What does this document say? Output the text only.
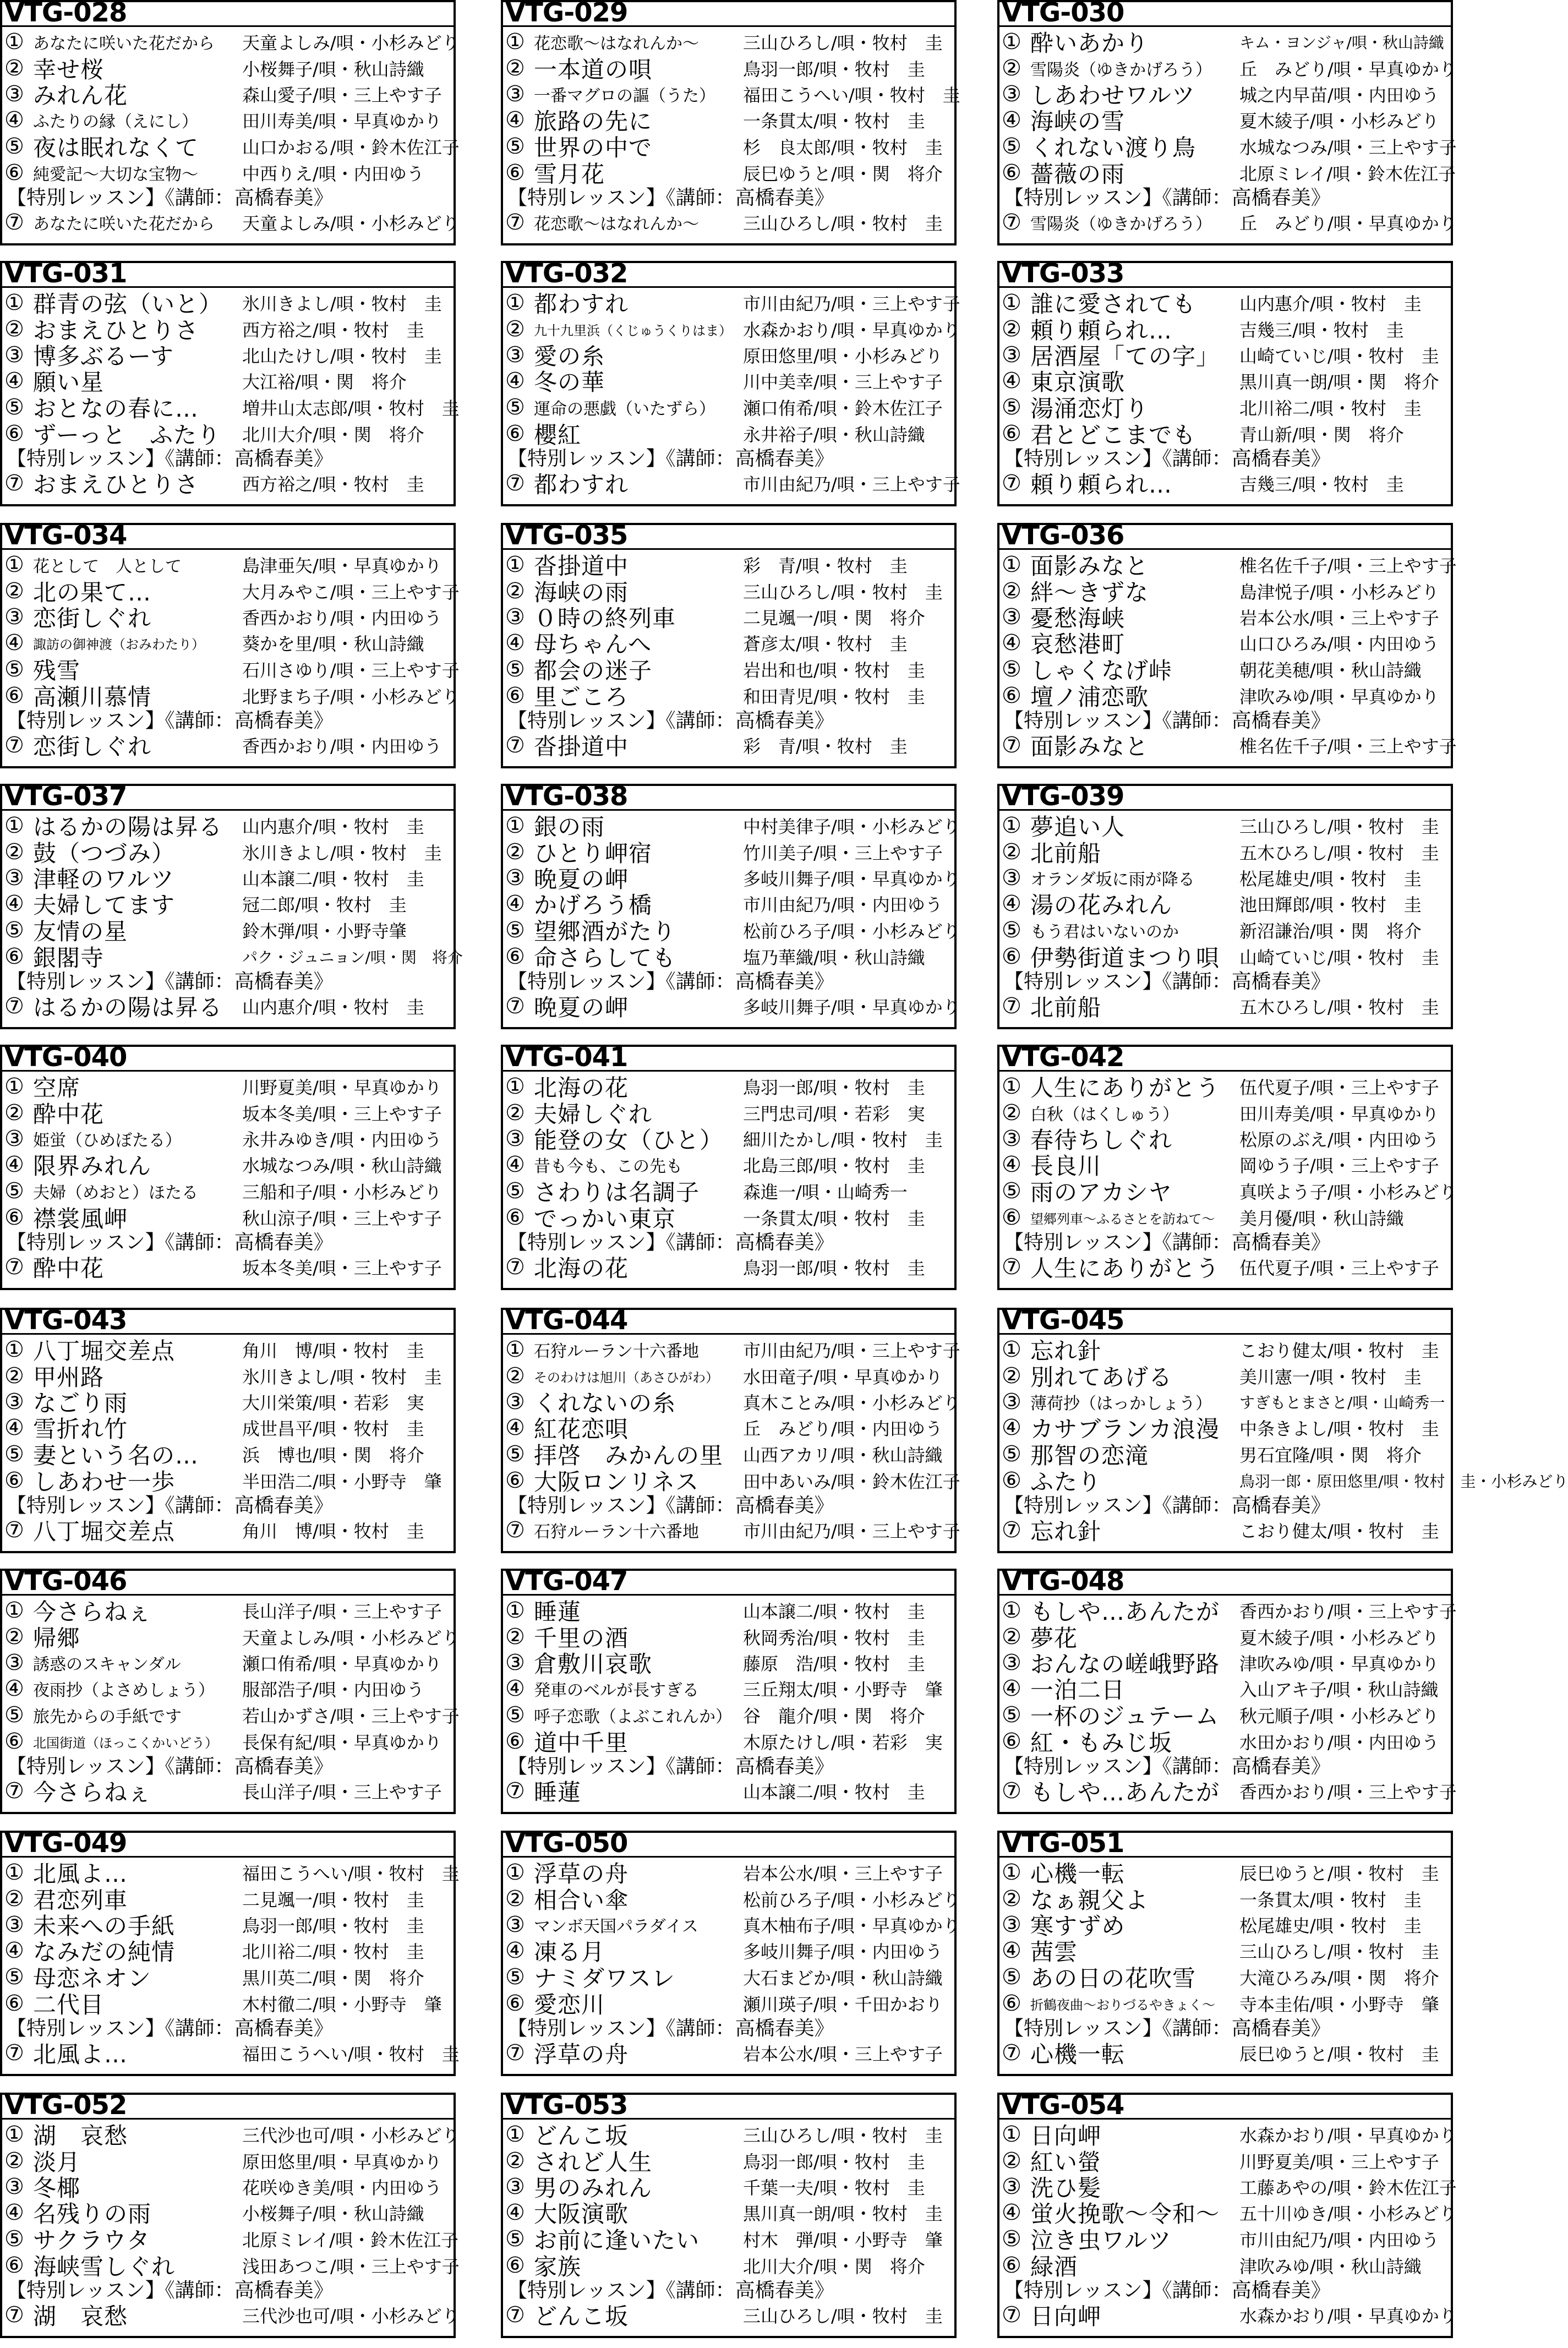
VTG-028
① あなたに咲いた花だから	天童よしみ/唄・小杉みどり
② 幸せ桜	小桜舞子/唄・秋山詩織
③ みれん花	森山愛子/唄・三上やす子
④ ふたりの縁（えにし）	田川寿美/唄・早真ゆかり
⑤ 夜は眠れなくて	山口かおる/唄・鈴木佐江子
⑥ 純愛記～大切な宝物～	中西りえ/唄・内田ゆう
⑦ あなたに咲いた花だから	天童よしみ/唄・小杉みどり
【特別レッスン】《講師：高橋春美》
VTG-029
① 花恋歌～はなれんか～	三山ひろし/唄・牧村　圭
② 一本道の唄	鳥羽一郎/唄・牧村　圭
③ 一番マグロの謳（うた）	福田こうへい/唄・牧村　圭
④ 旅路の先に	一条貫太/唄・牧村　圭
⑤ 世界の中で	杉　良太郎/唄・牧村　圭
⑥ 雪月花	辰巳ゆうと/唄・関　将介
⑦ 花恋歌～はなれんか～	三山ひろし/唄・牧村　圭
【特別レッスン】《講師：高橋春美》
VTG-030
① 酔いあかり	キム・ヨンジャ/唄・秋山詩織
② 雪陽炎（ゆきかげろう）	丘　みどり/唄・早真ゆかり
③ しあわせワルツ	城之内早苗/唄・内田ゆう
④ 海峡の雪	夏木綾子/唄・小杉みどり
⑤ くれない渡り鳥	水城なつみ/唄・三上やす子
⑥ 薔薇の雨	北原ミレイ/唄・鈴木佐江子
⑦ 雪陽炎（ゆきかげろう）	丘　みどり/唄・早真ゆかり
【特別レッスン】《講師：高橋春美》
VTG-031
① 群青の弦（いと）	氷川きよし/唄・牧村　圭
② おまえひとりさ	西方裕之/唄・牧村　圭
③ 博多ぶるーす	北山たけし/唄・牧村　圭
④ 願い星	大江裕/唄・関　将介
⑤ おとなの春に…	増井山太志郎/唄・牧村　圭
⑥ ずーっと　ふたり	北川大介/唄・関　将介
⑦ おまえひとりさ	西方裕之/唄・牧村　圭
【特別レッスン】《講師：高橋春美》
VTG-032
① 都わすれ	市川由紀乃/唄・三上やす子
② 九十九里浜（くじゅうくりはま） 水森かおり/唄・早真ゆかり
③ 愛の糸	原田悠里/唄・小杉みどり
④ 冬の華	川中美幸/唄・三上やす子
⑤ 運命の悪戯（いたずら）	瀬口侑希/唄・鈴木佐江子
⑥ 櫻紅	永井裕子/唄・秋山詩織
⑦ 都わすれ	市川由紀乃/唄・三上やす子
【特別レッスン】《講師：高橋春美》
VTG-033
① 誰に愛されても	山内惠介/唄・牧村　圭
② 頼り頼られ…	吉幾三/唄・牧村　圭
③ 居酒屋「ての字」	山崎ていじ/唄・牧村　圭
④ 東京演歌	黒川真一朗/唄・関　将介
⑤ 湯涌恋灯り	北川裕二/唄・牧村　圭
⑥ 君とどこまでも	青山新/唄・関　将介
⑦ 頼り頼られ…	吉幾三/唄・牧村　圭
【特別レッスン】《講師：高橋春美》
VTG-034
① 花として　人として	島津亜矢/唄・早真ゆかり
② 北の果て…	大月みやこ/唄・三上やす子
③ 恋街しぐれ	香西かおり/唄・内田ゆう
④ 諏訪の御神渡（おみわたり）	葵かを里/唄・秋山詩織
⑤ 残雪	石川さゆり/唄・三上やす子
⑥ 高瀬川慕情	北野まち子/唄・小杉みどり
⑦ 恋街しぐれ	香西かおり/唄・内田ゆう
【特別レッスン】《講師：高橋春美》
VTG-035
① 沓掛道中	彩　青/唄・牧村　圭
② 海峡の雨	三山ひろし/唄・牧村　圭
③ ０時の終列車	二見颯一/唄・関　将介
④ 母ちゃんへ	蒼彦太/唄・牧村　圭
⑤ 都会の迷子	岩出和也/唄・牧村　圭
⑥ 里ごころ	和田青児/唄・牧村　圭
⑦ 沓掛道中	彩　青/唄・牧村　圭
【特別レッスン】《講師：高橋春美》
VTG-036
① 面影みなと	椎名佐千子/唄・三上やす子
② 絆～きずな	島津悦子/唄・小杉みどり
③ 憂愁海峡	岩本公水/唄・三上やす子
④ 哀愁港町	山口ひろみ/唄・内田ゆう
⑤ しゃくなげ峠	朝花美穂/唄・秋山詩織
⑥ 壇ノ浦恋歌	津吹みゆ/唄・早真ゆかり
⑦ 面影みなと	椎名佐千子/唄・三上やす子
【特別レッスン】《講師：高橋春美》
VTG-037
① はるかの陽は昇る	山内惠介/唄・牧村　圭
② 鼓（つづみ）	氷川きよし/唄・牧村　圭
③ 津軽のワルツ	山本譲二/唄・牧村　圭
④ 夫婦してます	冠二郎/唄・牧村　圭
⑤ 友情の星	鈴木弾/唄・小野寺肇
⑥ 銀閣寺	パク・ジュニョン/唄・関　将介
⑦ はるかの陽は昇る	山内惠介/唄・牧村　圭
【特別レッスン】《講師：高橋春美》
VTG-038
① 銀の雨	中村美律子/唄・小杉みどり
② ひとり岬宿	竹川美子/唄・三上やす子
③ 晩夏の岬	多岐川舞子/唄・早真ゆかり
④ かげろう橋	市川由紀乃/唄・内田ゆう
⑤ 望郷酒がたり	松前ひろ子/唄・小杉みどり
⑥ 命さらしても	塩乃華織/唄・秋山詩織
⑦ 晩夏の岬	多岐川舞子/唄・早真ゆかり
【特別レッスン】《講師：高橋春美》
VTG-039
① 夢追い人	三山ひろし/唄・牧村　圭
② 北前船	五木ひろし/唄・牧村　圭
③ オランダ坂に雨が降る	松尾雄史/唄・牧村　圭
④ 湯の花みれん	池田輝郎/唄・牧村　圭
⑤ もう君はいないのか	新沼謙治/唄・関　将介
⑥ 伊勢街道まつり唄	山崎ていじ/唄・牧村　圭
⑦ 北前船	五木ひろし/唄・牧村　圭
【特別レッスン】《講師：高橋春美》
VTG-040
① 空席	川野夏美/唄・早真ゆかり
② 酔中花	坂本冬美/唄・三上やす子
③ 姫蛍（ひめぼたる）	永井みゆき/唄・内田ゆう
④ 限界みれん	水城なつみ/唄・秋山詩織
⑤ 夫婦（めおと）ほたる	三船和子/唄・小杉みどり
⑥ 襟裳風岬	秋山涼子/唄・三上やす子
⑦ 酔中花	坂本冬美/唄・三上やす子
【特別レッスン】《講師：高橋春美》
VTG-041
① 北海の花	鳥羽一郎/唄・牧村　圭
② 夫婦しぐれ	三門忠司/唄・若彩　実
③ 能登の女（ひと）	細川たかし/唄・牧村　圭
④ 昔も今も、この先も	北島三郎/唄・牧村　圭
⑤ さわりは名調子	森進一/唄・山崎秀一
⑥ でっかい東京	一条貫太/唄・牧村　圭
⑦ 北海の花	鳥羽一郎/唄・牧村　圭
【特別レッスン】《講師：高橋春美》
VTG-042
① 人生にありがとう	伍代夏子/唄・三上やす子
② 白秋（はくしゅう）	田川寿美/唄・早真ゆかり
③ 春待ちしぐれ	松原のぶえ/唄・内田ゆう
④ 長良川	岡ゆう子/唄・三上やす子
⑤ 雨のアカシヤ	真咲よう子/唄・小杉みどり
⑥ 望郷列車～ふるさとを訪ねて～	美月優/唄・秋山詩織
⑦ 人生にありがとう	伍代夏子/唄・三上やす子
【特別レッスン】《講師：高橋春美》
VTG-043
① 八丁堀交差点	角川　博/唄・牧村　圭
② 甲州路	氷川きよし/唄・牧村　圭
③ なごり雨	大川栄策/唄・若彩　実
④ 雪折れ竹	成世昌平/唄・牧村　圭
⑤ 妻という名の…	浜　博也/唄・関　将介
⑥ しあわせ一歩	半田浩二/唄・小野寺　肇
⑦ 八丁堀交差点	角川　博/唄・牧村　圭
【特別レッスン】《講師：高橋春美》
VTG-044
① 石狩ルーラン十六番地	市川由紀乃/唄・三上やす子
② そのわけは旭川（あさひがわ）	水田竜子/唄・早真ゆかり
③ くれないの糸	真木ことみ/唄・小杉みどり
④ 紅花恋唄	丘　みどり/唄・内田ゆう
⑤ 拝啓　みかんの里	山西アカリ/唄・秋山詩織
⑥ 大阪ロンリネス	田中あいみ/唄・鈴木佐江子
⑦ 石狩ルーラン十六番地	市川由紀乃/唄・三上やす子
【特別レッスン】《講師：高橋春美》
VTG-045
① 忘れ針	こおり健太/唄・牧村　圭
② 別れてあげる	美川憲一/唄・牧村　圭
③ 薄荷抄（はっかしょう）	すぎもとまさと/唄・山崎秀一
④ カサブランカ浪漫	中条きよし/唄・牧村　圭
⑤ 那智の恋滝	男石宜隆/唄・関　将介
⑥ ふたり	鳥羽一郎・原田悠里/唄・牧村　圭・小杉みどり
⑦ 忘れ針	こおり健太/唄・牧村　圭
【特別レッスン】《講師：高橋春美》
VTG-046
① 今さらねぇ	長山洋子/唄・三上やす子
② 帰郷	天童よしみ/唄・小杉みどり
③ 誘惑のスキャンダル	瀬口侑希/唄・早真ゆかり
④ 夜雨抄（よさめしょう）	服部浩子/唄・内田ゆう
⑤ 旅先からの手紙です	若山かずさ/唄・三上やす子
⑥ 北国街道（ほっこくかいどう）	長保有紀/唄・早真ゆかり
⑦ 今さらねぇ	長山洋子/唄・三上やす子
【特別レッスン】《講師：高橋春美》
VTG-047
① 睡蓮	山本譲二/唄・牧村　圭
② 千里の酒	秋岡秀治/唄・牧村　圭
③ 倉敷川哀歌	藤原　浩/唄・牧村　圭
④ 発車のベルが長すぎる	三丘翔太/唄・小野寺　肇
⑤ 呼子恋歌（よぶこれんか） 谷　龍介/唄・関　将介
⑥ 道中千里	木原たけし/唄・若彩　実
⑦ 睡蓮	山本譲二/唄・牧村　圭
【特別レッスン】《講師：高橋春美》
VTG-048
① もしや…あんたが	香西かおり/唄・三上やす子
② 夢花	夏木綾子/唄・小杉みどり
③ おんなの嵯峨野路	津吹みゆ/唄・早真ゆかり
④ 一泊二日	入山アキ子/唄・秋山詩織
⑤ 一杯のジュテーム	秋元順子/唄・小杉みどり
⑥ 紅・もみじ坂	水田かおり/唄・内田ゆう
⑦ もしや…あんたが	香西かおり/唄・三上やす子
【特別レッスン】《講師：高橋春美》
VTG-049
① 北風よ…	福田こうへい/唄・牧村　圭
② 君恋列車	二見颯一/唄・牧村　圭
③ 未来への手紙	鳥羽一郎/唄・牧村　圭
④ なみだの純情	北川裕二/唄・牧村　圭
⑤ 母恋ネオン	黒川英二/唄・関　将介
⑥ 二代目	木村徹二/唄・小野寺　肇
⑦ 北風よ…	福田こうへい/唄・牧村　圭
【特別レッスン】《講師：高橋春美》
VTG-050
① 浮草の舟	岩本公水/唄・三上やす子
② 相合い傘	松前ひろ子/唄・小杉みどり
③ マンボ天国パラダイス	真木柚布子/唄・早真ゆかり
④ 凍る月	多岐川舞子/唄・内田ゆう
⑤ ナミダワスレ	大石まどか/唄・秋山詩織
⑥ 愛恋川	瀬川瑛子/唄・千田かおり
⑦ 浮草の舟	岩本公水/唄・三上やす子
【特別レッスン】《講師：高橋春美》
VTG-051
① 心機一転	辰巳ゆうと/唄・牧村　圭
② なぁ親父よ	一条貫太/唄・牧村　圭
③ 寒すずめ	松尾雄史/唄・牧村　圭
④ 茜雲	三山ひろし/唄・牧村　圭
⑤ あの日の花吹雪	大滝ひろみ/唄・関　将介
⑥ 折鶴夜曲～おりづるやきょく～	寺本圭佑/唄・小野寺　肇
⑦ 心機一転	辰巳ゆうと/唄・牧村　圭
【特別レッスン】《講師：高橋春美》
VTG-052
① 湖　哀愁	三代沙也可/唄・小杉みどり
② 淡月	原田悠里/唄・早真ゆかり
③ 冬椰	花咲ゆき美/唄・内田ゆう
④ 名残りの雨	小桜舞子/唄・秋山詩織
⑤ サクラウタ	北原ミレイ/唄・鈴木佐江子
⑥ 海峡雪しぐれ	浅田あつこ/唄・三上やす子
⑦ 湖　哀愁	三代沙也可/唄・小杉みどり
【特別レッスン】《講師：高橋春美》
VTG-053
① どんこ坂	三山ひろし/唄・牧村　圭
② されど人生	鳥羽一郎/唄・牧村　圭
③ 男のみれん	千葉一夫/唄・牧村　圭
④ 大阪演歌	黒川真一朗/唄・牧村　圭
⑤ お前に逢いたい	村木　弾/唄・小野寺　肇
⑥ 家族	北川大介/唄・関　将介
⑦ どんこ坂	三山ひろし/唄・牧村　圭
【特別レッスン】《講師：高橋春美》
VTG-054
① 日向岬	水森かおり/唄・早真ゆかり
② 紅い螢	川野夏美/唄・三上やす子
③ 洗ひ髪	工藤あやの/唄・鈴木佐江子
④ 蛍火挽歌～令和～	五十川ゆき/唄・小杉みどり
⑤ 泣き虫ワルツ	市川由紀乃/唄・内田ゆう
⑥ 緑酒	津吹みゆ/唄・秋山詩織
⑦ 日向岬	水森かおり/唄・早真ゆかり
【特別レッスン】《講師：高橋春美》
